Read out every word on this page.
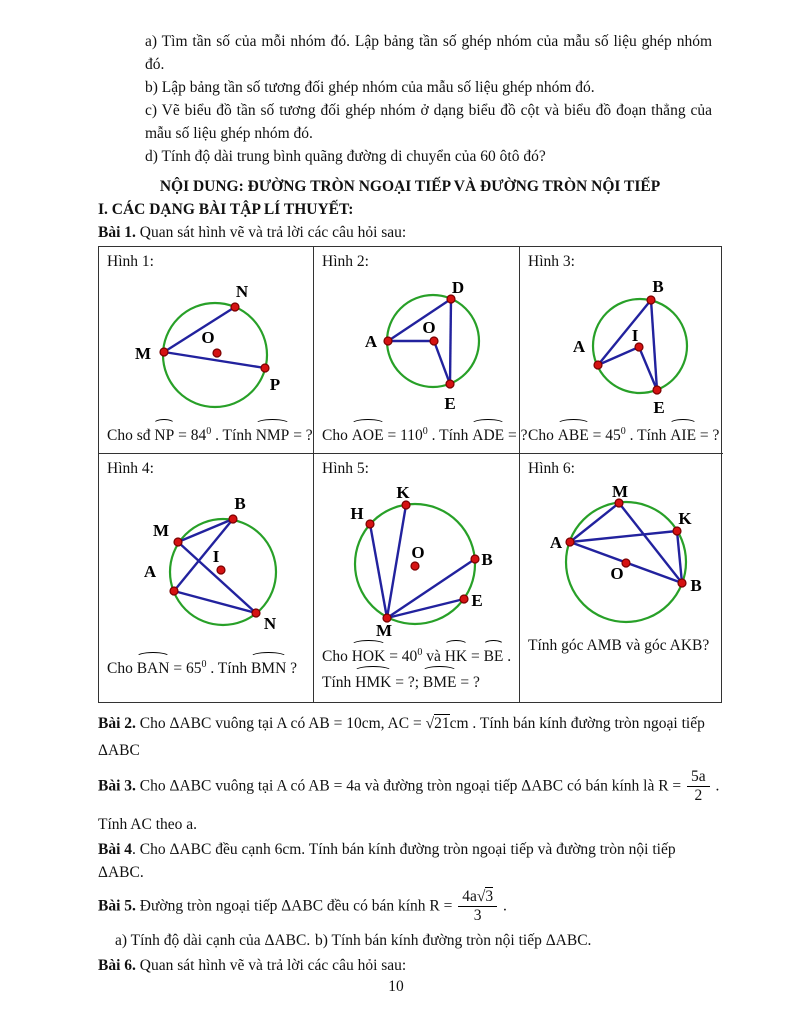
a) Tìm tần số của mỗi nhóm đó. Lập bảng tần số ghép nhóm của mẫu số liệu ghép nhóm đó.
b) Lập bảng tần số tương đối ghép nhóm của mẫu số liệu ghép nhóm đó.
c) Vẽ biểu đồ tần số tương đối ghép nhóm ở dạng biểu đồ cột và biểu đồ đoạn thẳng của mẫu số liệu ghép nhóm đó.
d) Tính độ dài trung bình quãng đường di chuyển của 60 ôtô đó?

NỘI DUNG: ĐƯỜNG TRÒN NGOẠI TIẾP VÀ ĐƯỜNG TRÒN NỘI TIẾP

I. CÁC DẠNG BÀI TẬP LÍ THUYẾT:

Bài 1. Quan sát hình vẽ và trả lời các câu hỏi sau:

Hình 1:
O
N
M
P
Cho sđ NP = $84^0$ . Tính NMP = ?
Hình 2:
O
D
A
E
Cho AOE = $110^0$ . Tính ADE = ?
Hình 3:
I
B
A
E
Cho ABE = $45^0$ . Tính AIE = ?
Hình 4:
I
B
M
A
N
Cho BAN = $65^0$ . Tính BMN ?
Hình 5:
O
K
H
B
E
M
Cho HOK = $40^0$ và HK = BE .
Tính HMK = ?; BME = ?
Hình 6:
O
M
K
A
B
Tính góc AMB và góc AKB?

Bài 2. Cho ΔABC vuông tại A có AB = 10cm, AC = √21cm . Tính bán kính đường tròn ngoại tiếp

ΔABC

Bài 3. Cho ΔABC vuông tại A có AB = 4a và đường tròn ngoại tiếp ΔABC có bán kính là $R = \frac{5a}{2}$ .

Tính AC theo a.

Bài 4. Cho ΔABC đều cạnh 6cm. Tính bán kính đường tròn ngoại tiếp và đường tròn nội tiếp ΔABC.

Bài 5. Đường tròn ngoại tiếp ΔABC đều có bán kính $R = \frac{4a√3}{3}$ .

a) Tính độ dài cạnh của ΔABC. b) Tính bán kính đường tròn nội tiếp ΔABC.

Bài 6. Quan sát hình vẽ và trả lời các câu hỏi sau:

10
